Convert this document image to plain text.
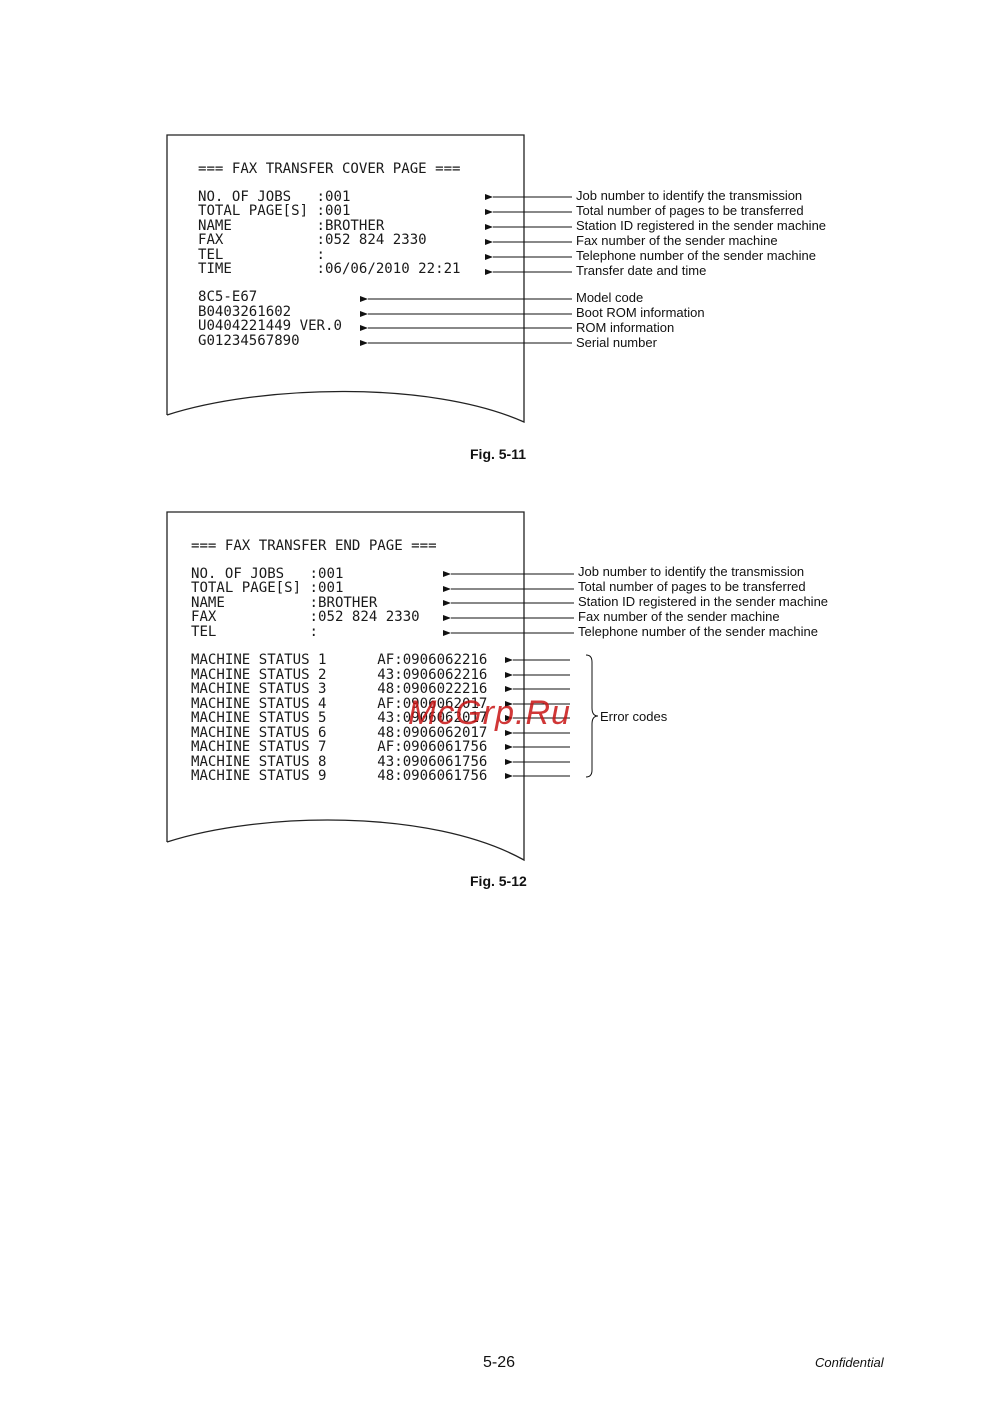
=== FAX TRANSFER COVER PAGE ===
NO. OF JOBS   :001
TOTAL PAGE[S] :001
NAME          :BROTHER
FAX           :052 824 2330
TEL           :
TIME          :06/06/2010 22:21
8C5-E67
B0403261602
U0404221449 VER.0
G01234567890
Job number to identify the transmission
Total number of pages to be transferred
Station ID registered in the sender machine
Fax number of the sender machine
Telephone number of the sender machine
Transfer date and time
Model code
Boot ROM information
ROM information
Serial number
Fig. 5-11
=== FAX TRANSFER END PAGE ===
NO. OF JOBS   :001
TOTAL PAGE[S] :001
NAME          :BROTHER
FAX           :052 824 2330
TEL           :
MACHINE STATUS 1      AF:0906062216
MACHINE STATUS 2      43:0906062216
MACHINE STATUS 3      48:0906022216
MACHINE STATUS 4      AF:0906062017
MACHINE STATUS 5      43:0906062017
MACHINE STATUS 6      48:0906062017
MACHINE STATUS 7      AF:0906061756
MACHINE STATUS 8      43:0906061756
MACHINE STATUS 9      48:0906061756
Job number to identify the transmission
Total number of pages to be transferred
Station ID registered in the sender machine
Fax number of the sender machine
Telephone number of the sender machine
Error codes
Fig. 5-12
McGrp.Ru
5-26	Confidential
